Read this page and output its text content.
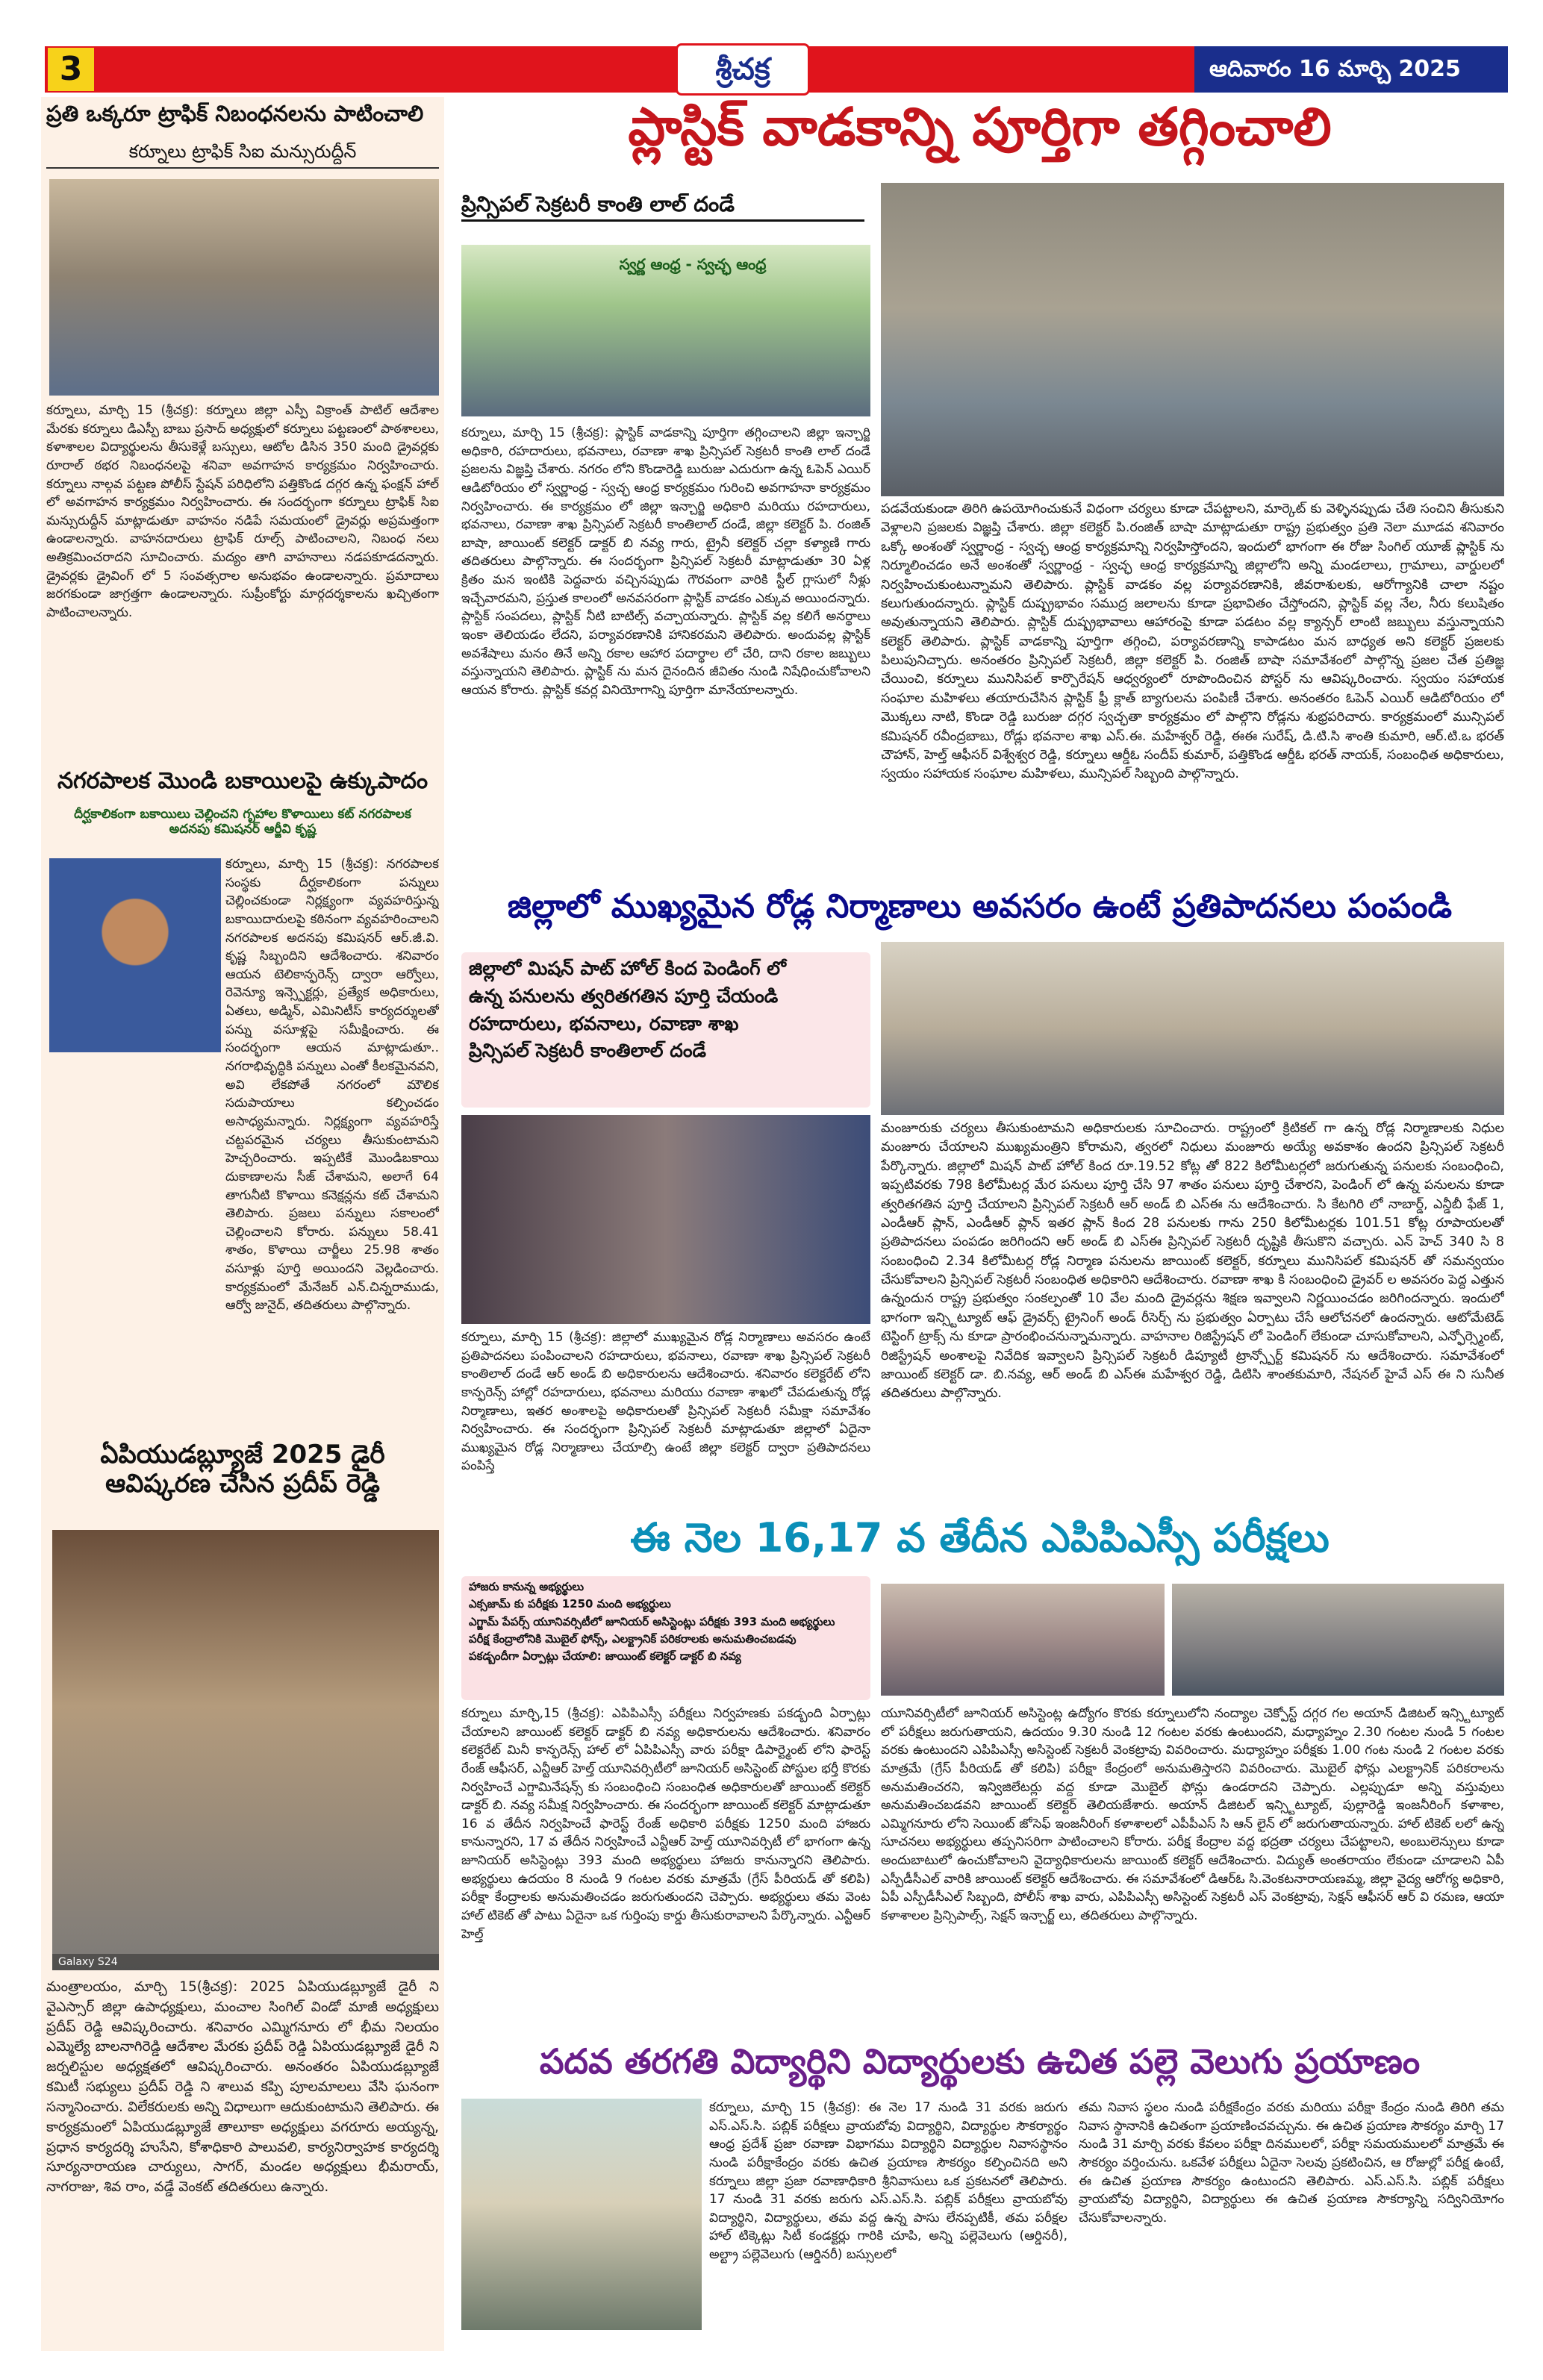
3	శ్రీచక్ర	ఆదివారం 16 మార్చి 2025
ప్రతి ఒక్కరూ ట్రాఫిక్ నిబంధనలను పాటించాలి
కర్నూలు ట్రాఫిక్ సిఐ మన్సురుద్దీన్
కర్నూలు, మార్చి 15 (శ్రీచక్ర): కర్నూలు జిల్లా ఎస్పీ విక్రాంత్ పాటిల్ ఆదేశాల మేరకు కర్నూలు డిఎస్పీ బాబు ప్రసాద్ అధ్యక్షులో కర్నూలు పట్టణంలో పాఠశాలలు, కళాశాలల విద్యార్థులను తీసుకెళ్లే బస్సులు, ఆటోల డిసిన 350 మంది డ్రైవర్లకు రూరాల్ ఠభర నిబంధనలపై శనివా అవగాహన కార్యక్రమం నిర్వహించారు. కర్నూలు నాల్గవ పట్టణ పోలీస్ స్టేషన్ పరిధిలోని పత్తికొండ దగ్గర ఉన్న ఫంక్షన్ హాల్ లో అవగాహన కార్యక్రమం నిర్వహించారు. ఈ సందర్భంగా కర్నూలు ట్రాఫిక్ సిఐ మన్సురుద్దీన్ మాట్లాడుతూ వాహనం నడిపే సమయంలో డ్రైవర్లు అప్రమత్తంగా ఉండాలన్నారు. వాహనదారులు ట్రాఫిక్ రూల్స్ పాటించాలని, నిబంధ నలు అతిక్రమించరాదని సూచించారు. మద్యం తాగి వాహనాలు నడపకూడదన్నారు. డ్రైవర్లకు డ్రైవింగ్ లో 5 సంవత్సరాల అనుభవం ఉండాలన్నారు. ప్రమాదాలు జరగకుండా జాగ్రత్తగా ఉండాలన్నారు. సుప్రీంకోర్టు మార్గదర్శకాలను ఖచ్చితంగా పాటించాలన్నారు.
నగరపాలక మొండి బకాయిలపై ఉక్కుపాదం
దీర్ఘకాలికంగా బకాయిలు చెల్లించని గృహాల కొళాయిలు కట్ నగరపాలక అదనపు కమిషనర్ ఆర్జీవి కృష్ణ
కర్నూలు, మార్చి 15 (శ్రీచక్ర): నగరపాలక సంస్థకు దీర్ఘకాలికంగా పన్నులు చెల్లించకుండా నిర్లక్ష్యంగా వ్యవహరిస్తున్న బకాయిదారులపై కఠినంగా వ్యవహరించాలని నగరపాలక అదనపు కమిషనర్ ఆర్.జీ.వి. కృష్ణ సిబ్బందిని ఆదేశించారు. శనివారం ఆయన టెలికాన్ఫరెన్స్ ద్వారా ఆర్వోలు, రెవెన్యూ ఇన్స్పెక్టర్లు, ప్రత్యేక అధికారులు, ఏతలు, అడ్మిన్, ఎమినిటీస్ కార్యదర్శులతో పన్ను వసూళ్లపై సమీక్షించారు. ఈ సందర్భంగా ఆయన మాట్లాడుతూ.. నగరాభివృద్ధికి పన్నులు ఎంతో కీలకమైనవని, అవి లేకపోతే నగరంలో మౌలిక సదుపాయాలు కల్పించడం అసాధ్యమన్నారు. నిర్లక్ష్యంగా వ్యవహరిస్తే చట్టపరమైన చర్యలు తీసుకుంటామని హెచ్చరించారు. ఇప్పటికే మొండిబకాయి దుకాణాలను సీజ్ చేశామని, అలాగే 64 తాగునీటి కొళాయి కనెక్షన్లను కట్ చేశామని తెలిపారు. ప్రజలు పన్నులు సకాలంలో చెల్లించాలని కోరారు. పన్నులు 58.41 శాతం, కొళాయి చార్జీలు 25.98 శాతం వసూళ్లు పూర్తి అయిందని వెల్లడించారు. కార్యక్రమంలో మేనేజర్ ఎన్.చిన్నరాముడు, ఆర్వో జునైద్, తదితరులు పాల్గొన్నారు.
ఏపియుడబ్ల్యూజే 2025 డైరీ ఆవిష్కరణ చేసిన ప్రదీప్ రెడ్డి
Galaxy S24
మంత్రాలయం, మార్చి 15(శ్రీచక్ర): 2025 ఏపియుడబ్ల్యూజే డైరీ ని వైఎస్సార్ జిల్లా ఉపాధ్యక్షులు, మంచాల సింగిల్ విండో మాజీ అధ్యక్షులు ప్రదీప్ రెడ్డి ఆవిష్కరించారు. శనివారం ఎమ్మిగనూరు లో భీమ నిలయం ఎమ్మెల్యే బాలనాగిరెడ్డి ఆదేశాల మేరకు ప్రదీప్ రెడ్డి ఏపియుడబ్ల్యూజే డైరీ ని జర్నలిస్టుల అధ్యక్షతలో ఆవిష్కరించారు. అనంతరం ఏపియుడబ్ల్యూజే కమిటీ సభ్యులు ప్రదీప్ రెడ్డి ని శాలువ కప్పి పూలమాలలు వేసి ఘనంగా సన్మానించారు. విలేకరులకు అన్ని విధాలుగా ఆదుకుంటామని తెలిపారు. ఈ కార్యక్రమంలో ఏపియుడబ్ల్యూజే తాలూకా అధ్యక్షులు వగరూరు అయ్యన్న, ప్రధాన కార్యదర్శి హుసేని, కోశాధికారి పాలువలి, కార్యనిర్వాహక కార్యదర్శి సూర్యనారాయణ చార్యులు, సాగర్, మండల అధ్యక్షులు భీమరాయ్, నాగరాజు, శివ రాం, వడ్డే వెంకట్ తదితరులు ఉన్నారు.
ప్లాస్టిక్ వాడకాన్ని పూర్తిగా తగ్గించాలి
ప్రిన్సిపల్ సెక్రటరీ కాంతి లాల్ దండే
స్వర్ణ ఆంధ్ర - స్వచ్ఛ ఆంధ్ర
కర్నూలు, మార్చి 15 (శ్రీచక్ర): ప్లాస్టిక్ వాడకాన్ని పూర్తిగా తగ్గించాలని జిల్లా ఇన్చార్జి అధికారి, రహదారులు, భవనాలు, రవాణా శాఖ ప్రిన్సిపల్ సెక్రటరీ కాంతి లాల్ దండే ప్రజలను విజ్ఞప్తి చేశారు. నగరం లోని కొండారెడ్డి బురుజు ఎదురుగా ఉన్న ఓపెన్ ఎయిర్ ఆడిటోరియం లో స్వర్ణాంధ్ర - స్వచ్ఛ ఆంధ్ర కార్యక్రమం గురించి అవగాహనా కార్యక్రమం నిర్వహించారు. ఈ కార్యక్రమం లో జిల్లా ఇన్చార్జి అధికారి మరియు రహదారులు, భవనాలు, రవాణా శాఖ ప్రిన్సిపల్ సెక్రటరీ కాంతిలాల్ దండే, జిల్లా కలెక్టర్ పి. రంజిత్ బాషా, జాయింట్ కలెక్టర్ డాక్టర్ బి నవ్య గారు, ట్రైనీ కలెక్టర్ చల్లా కళ్యాణి గారు తదితరులు పాల్గొన్నారు. ఈ సందర్భంగా ప్రిన్సిపల్ సెక్రటరీ మాట్లాడుతూ 30 ఏళ్ల క్రితం మన ఇంటికి పెద్దవారు వచ్చినప్పుడు గౌరవంగా వారికి స్టీల్ గ్లాసులో నీళ్లు ఇచ్చేవారమని, ప్రస్తుత కాలంలో అనవసరంగా ప్లాస్టిక్ వాడకం ఎక్కువ అయిందన్నారు. ప్లాస్టిక్ సంపదలు, ప్లాస్టిక్ నీటి బాటిల్స్ వచ్చాయన్నారు. ప్లాస్టిక్ వల్ల కలిగే అనర్థాలు ఇంకా తెలియడం లేదని, పర్యావరణానికి హానికరమని తెలిపారు. అందువల్ల ప్లాస్టిక్ అవశేషాలు మనం తినే అన్ని రకాల ఆహార పదార్థాల లో చేరి, దాని రకాల జబ్బులు వస్తున్నాయని తెలిపారు. ప్లాస్టిక్ ను మన దైనందిన జీవితం నుండి నిషేధించుకోవాలని ఆయన కోరారు. ప్లాస్టిక్ కవర్ల వినియోగాన్ని పూర్తిగా మానేయాలన్నారు.
పడవేయకుండా తిరిగి ఉపయోగించుకునే విధంగా చర్యలు కూడా చేపట్టాలని, మార్కెట్ కు వెళ్ళినప్పుడు చేతి సంచిని తీసుకుని వెళ్లాలని ప్రజలకు విజ్ఞప్తి చేశారు. జిల్లా కలెక్టర్ పి.రంజిత్ బాషా మాట్లాడుతూ రాష్ట్ర ప్రభుత్వం ప్రతి నెలా మూడవ శనివారం ఒక్కో అంశంతో స్వర్ణాంధ్ర - స్వచ్ఛ ఆంధ్ర కార్యక్రమాన్ని నిర్వహిస్తోందని, ఇందులో భాగంగా ఈ రోజు సింగిల్ యూజ్ ప్లాస్టిక్ ను నిర్మూలించడం అనే అంశంతో స్వర్ణాంధ్ర - స్వచ్ఛ ఆంధ్ర కార్యక్రమాన్ని జిల్లాలోని అన్ని మండలాలు, గ్రామాలు, వార్డులలో నిర్వహించుకుంటున్నామని తెలిపారు. ప్లాస్టిక్ వాడకం వల్ల పర్యావరణానికి, జీవరాశులకు, ఆరోగ్యానికి చాలా నష్టం కలుగుతుందన్నారు. ప్లాస్టిక్ దుష్ప్రభావం సముద్ర జలాలను కూడా ప్రభావితం చేస్తోందని, ప్లాస్టిక్ వల్ల నేల, నీరు కలుషితం అవుతున్నాయని తెలిపారు. ప్లాస్టిక్ దుష్ప్రభావాలు ఆహారంపై కూడా పడటం వల్ల క్యాన్సర్ లాంటి జబ్బులు వస్తున్నాయని కలెక్టర్ తెలిపారు. ప్లాస్టిక్ వాడకాన్ని పూర్తిగా తగ్గించి, పర్యావరణాన్ని కాపాడటం మన బాధ్యత అని కలెక్టర్ ప్రజలకు పిలుపునిచ్చారు. అనంతరం ప్రిన్సిపల్ సెక్రటరీ, జిల్లా కలెక్టర్ పి. రంజిత్ బాషా సమావేశంలో పాల్గొన్న ప్రజల చేత ప్రతిజ్ఞ చేయించి, కర్నూలు మునిసిపల్ కార్పొరేషన్ ఆధ్వర్యంలో రూపొందించిన పోస్టర్ ను ఆవిష్కరించారు. స్వయం సహాయక సంఘాల మహిళలు తయారుచేసిన ప్లాస్టిక్ ఫ్రీ క్లాత్ బ్యాగులను పంపిణీ చేశారు. అనంతరం ఓపెన్ ఎయిర్ ఆడిటోరియం లో మొక్కలు నాటి, కొండా రెడ్డి బురుజు దగ్గర స్వచ్ఛతా కార్యక్రమం లో పాల్గొని రోడ్లను శుభ్రపరిచారు. కార్యక్రమంలో మున్సిపల్ కమిషనర్ రవీంద్రబాబు, రోడ్లు భవనాల శాఖ ఎస్.ఈ. మహేశ్వర్ రెడ్డి, ఈఈ సురేష్, డి.టి.సి శాంతి కుమారి, ఆర్.టి.ఒ భరత్ చౌహాన్, హెల్త్ ఆఫీసర్ విశ్వేశ్వర రెడ్డి, కర్నూలు ఆర్డీఓ సందీప్ కుమార్, పత్తికొండ ఆర్డీఓ భరత్ నాయక్, సంబంధిత అధికారులు, స్వయం సహాయక సంఘాల మహిళలు, మున్సిపల్ సిబ్బంది పాల్గొన్నారు.
జిల్లాలో ముఖ్యమైన రోడ్ల నిర్మాణాలు అవసరం ఉంటే ప్రతిపాదనలు పంపండి
జిల్లాలో మిషన్ పాట్ హోల్ కింద పెండింగ్ లో
ఉన్న పనులను త్వరితగతిన పూర్తి చేయండి
రహదారులు, భవనాలు, రవాణా శాఖ
ప్రిన్సిపల్ సెక్రటరీ కాంతిలాల్ దండే
కర్నూలు, మార్చి 15 (శ్రీచక్ర): జిల్లాలో ముఖ్యమైన రోడ్ల నిర్మాణాలు అవసరం ఉంటే ప్రతిపాదనలు పంపించాలని రహదారులు, భవనాలు, రవాణా శాఖ ప్రిన్సిపల్ సెక్రటరీ కాంతిలాల్ దండే ఆర్ అండ్ బి అధికారులను ఆదేశించారు. శనివారం కలెక్టరేట్ లోని కాన్ఫరెన్స్ హాల్లో రహదారులు, భవనాలు మరియు రవాణా శాఖలో చేపడుతున్న రోడ్ల నిర్మాణాలు, ఇతర అంశాలపై అధికారులతో ప్రిన్సిపల్ సెక్రటరీ సమీక్షా సమావేశం నిర్వహించారు. ఈ సందర్భంగా ప్రిన్సిపల్ సెక్రటరీ మాట్లాడుతూ జిల్లాలో ఏదైనా ముఖ్యమైన రోడ్ల నిర్మాణాలు చేయాల్సి ఉంటే జిల్లా కలెక్టర్ ద్వారా ప్రతిపాదనలు పంపిస్తే
మంజూరుకు చర్యలు తీసుకుంటామని అధికారులకు సూచించారు. రాష్ట్రంలో క్రిటికల్ గా ఉన్న రోడ్ల నిర్మాణాలకు నిధుల మంజూరు చేయాలని ముఖ్యమంత్రిని కోరామని, త్వరలో నిధులు మంజూరు అయ్యే అవకాశం ఉందని ప్రిన్సిపల్ సెక్రటరీ పేర్కొన్నారు. జిల్లాలో మిషన్ పాట్ హోల్ కింద రూ.19.52 కోట్ల తో 822 కిలోమీటర్లలో జరుగుతున్న పనులకు సంబంధించి, ఇప్పటివరకు 798 కిలోమీటర్ల మేర పనులు పూర్తి చేసి 97 శాతం పనులు పూర్తి చేశారని, పెండింగ్ లో ఉన్న పనులను కూడా త్వరితగతిన పూర్తి చేయాలని ప్రిన్సిపల్ సెక్రటరీ ఆర్ అండ్ బి ఎస్ఈ ను ఆదేశించారు. సి కేటగిరి లో నాబార్డ్, ఎన్డీబీ ఫేజ్ 1, ఎండీఆర్ ప్లాన్, ఎండీఆర్ ప్లాన్ ఇతర ప్లాన్ కింద 28 పనులకు గాను 250 కిలోమీటర్లకు 101.51 కోట్ల రూపాయలతో ప్రతిపాదనలు పంపడం జరిగిందని ఆర్ అండ్ బి ఎస్ఈ ప్రిన్సిపల్ సెక్రటరీ దృష్టికి తీసుకొని వచ్చారు. ఎన్ హెచ్ 340 సి 8 సంబంధించి 2.34 కిలోమీటర్ల రోడ్ల నిర్మాణ పనులను జాయింట్ కలెక్టర్, కర్నూలు మునిసిపల్ కమిషనర్ తో సమన్వయం చేసుకోవాలని ప్రిన్సిపల్ సెక్రటరీ సంబంధిత అధికారిని ఆదేశించారు. రవాణా శాఖ కి సంబంధించి డ్రైవర్ ల అవసరం పెద్ద ఎత్తున ఉన్నందున రాష్ట్ర ప్రభుత్వం సంకల్పంతో 10 వేల మంది డ్రైవర్లను శిక్షణ ఇవ్వాలని నిర్ణయించడం జరిగిందన్నారు. ఇందులో భాగంగా ఇన్స్టిట్యూట్ ఆఫ్ డ్రైవర్స్ ట్రైనింగ్ అండ్ రీసెర్చ్ ను ప్రభుత్వం ఏర్పాటు చేసే ఆలోచనలో ఉందన్నారు. ఆటోమేటెడ్ టెస్టింగ్ ట్రాక్స్ ను కూడా ప్రారంభించనున్నామన్నారు. వాహనాల రిజిస్ట్రేషన్ లో పెండింగ్ లేకుండా చూసుకోవాలని, ఎన్ఫోర్స్మెంట్, రిజిస్ట్రేషన్ అంశాలపై నివేదిక ఇవ్వాలని ప్రిన్సిపల్ సెక్రటరీ డిప్యూటీ ట్రాన్స్పోర్ట్ కమిషనర్ ను ఆదేశించారు. సమావేశంలో జాయింట్ కలెక్టర్ డా. బి.నవ్య, ఆర్ అండ్ బి ఎస్ఈ మహేశ్వర రెడ్డి, డిటిసి శాంతకుమారి, నేషనల్ హైవే ఎస్ ఈ ని సునీత తదితరులు పాల్గొన్నారు.
ఈ నెల 16,17 వ తేదీన ఎపిపిఎస్సీ పరీక్షలు
హాజరు కానున్న అభ్యర్థులు
ఎక్సజామ్ కు పరీక్షకు 1250 మంది అభ్యర్థులు
ఎగ్జామ్ పేపర్స్ యూనివర్సిటీలో జూనియర్ అసిస్టెంట్లు పరీక్షకు 393 మంది అభ్యర్థులు
పరీక్ష కేంద్రాలోనికి మొబైల్ ఫోన్స్, ఎలక్ట్రానిక్ పరికరాలకు అనుమతించబడవు
పకడ్బందీగా ఏర్పాట్లు చేయాలి: జాయింట్ కలెక్టర్ డాక్టర్ బి నవ్య
కర్నూలు మార్చి,15 (శ్రీచక్ర): ఎపిపిఎస్సీ పరీక్షలు నిర్వహణకు పకడ్బంది ఏర్పాట్లు చేయాలని జాయింట్ కలెక్టర్ డాక్టర్ బి నవ్య అధికారులను ఆదేశించారు. శనివారం కలెక్టరేట్ మినీ కాన్ఫరెన్స్ హాల్ లో ఏపిపిఎస్సీ వారు పరీక్షా డిపార్ట్మెంట్ లోని ఫారెస్ట్ రేంజ్ ఆఫీసర్, ఎన్టీఆర్ హెల్త్ యూనివర్సిటీలో జూనియర్ అసిస్టెంట్ పోస్టుల భర్తీ కొరకు నిర్వహించే ఎగ్జామినేషన్స్ కు సంబంధించి సంబంధిత అధికారులతో జాయింట్ కలెక్టర్ డాక్టర్ బి. నవ్య సమీక్ష నిర్వహించారు. ఈ సందర్భంగా జాయింట్ కలెక్టర్ మాట్లాడుతూ 16 వ తేదీన నిర్వహించే ఫారెస్ట్ రేంజ్ అధికారి పరీక్షకు 1250 మంది హాజరు కానున్నారని, 17 వ తేదీన నిర్వహించే ఎన్టీఆర్ హెల్త్ యూనివర్సిటీ లో భాగంగా ఉన్న జూనియర్ అసిస్టెంట్లు 393 మంది అభ్యర్థులు హాజరు కానున్నారని తెలిపారు. అభ్యర్థులు ఉదయం 8 నుండి 9 గంటల వరకు మాత్రమే (గ్రేస్ పీరియడ్ తో కలిపి) పరీక్షా కేంద్రాలకు అనుమతించడం జరుగుతుందని చెప్పారు. అభ్యర్థులు తమ వెంట హాల్ టికెట్ తో పాటు ఏదైనా ఒక గుర్తింపు కార్డు తీసుకురావాలని పేర్కొన్నారు. ఎన్టీఆర్ హెల్త్
యూనివర్సిటీలో జూనియర్ అసిస్టెంట్ల ఉద్యోగం కొరకు కర్నూలులోని నంద్యాల చెక్పోస్ట్ దగ్గర గల అయాన్ డిజిటల్ ఇన్స్టిట్యూట్ లో పరీక్షలు జరుగుతాయని, ఉదయం 9.30 నుండి 12 గంటల వరకు ఉంటుందని, మధ్యాహ్నం 2.30 గంటల నుండి 5 గంటల వరకు ఉంటుందని ఎపిపిఎస్సీ అసిస్టెంట్ సెక్రటరీ వెంకట్రావు వివరించారు. మధ్యాహ్నం పరీక్షకు 1.00 గంట నుండి 2 గంటల వరకు మాత్రమే (గ్రేస్ పీరియడ్ తో కలిపి) పరీక్షా కేంద్రంలో అనుమతిస్తారని వివరించారు. మొబైల్ ఫోన్లు ఎలక్ట్రానిక్ పరికరాలను అనుమతించరని, ఇన్విజిలేటర్లు వద్ద కూడా మొబైల్ ఫోన్లు ఉండరాదని చెప్పారు. ఎల్లప్పుడూ అన్ని వస్తువులు అనుమతించబడవని జాయింట్ కలెక్టర్ తెలియజేశారు. అయాన్ డిజిటల్ ఇన్స్టిట్యూట్, పుల్లారెడ్డి ఇంజనీరింగ్ కళాశాల, ఎమ్మిగనూరు లోని సెయింట్ జోసెఫ్ ఇంజనీరింగ్ కళాశాలలో ఎపీపీఎస్ సి ఆన్ లైన్ లో జరుగుతాయన్నారు. హాల్ టికెట్ లలో ఉన్న సూచనలు అభ్యర్థులు తప్పనిసరిగా పాటించాలని కోరారు. పరీక్ష కేంద్రాల వద్ద భద్రతా చర్యలు చేపట్టాలని, అంబులెన్సులు కూడా అందుబాటులో ఉంచుకోవాలని వైద్యాధికారులను జాయింట్ కలెక్టర్ ఆదేశించారు. విద్యుత్ అంతరాయం లేకుండా చూడాలని ఏపీ ఎస్పీడీసీఎల్ వారికి జాయింట్ కలెక్టర్ ఆదేశించారు. ఈ సమావేశంలో డిఆర్ఓ సి.వెంకటనారాయణమ్మ, జిల్లా వైద్య ఆరోగ్య అధికారి, ఏపీ ఎస్పీడీసీఎల్ సిబ్బంది, పోలీస్ శాఖ వారు, ఎపిపిఎస్సీ అసిస్టెంట్ సెక్రటరీ ఎస్ వెంకట్రావు, సెక్షన్ ఆఫీసర్ ఆర్ వి రమణ, ఆయా కళాశాలల ప్రిన్సిపాల్స్, సెక్షన్ ఇన్చార్జ్ లు, తదితరులు పాల్గొన్నారు.
పదవ తరగతి విద్యార్థిని విద్యార్థులకు ఉచిత పల్లె వెలుగు ప్రయాణం
కర్నూలు, మార్చి 15 (శ్రీచక్ర): ఈ నెల 17 నుండి 31 వరకు జరుగు ఎస్.ఎస్.సి. పబ్లిక్ పరీక్షలు వ్రాయబోవు విద్యార్థిని, విద్యార్థుల సౌకర్యార్థం ఆంధ్ర ప్రదేశ్ ప్రజా రవాణా విభాగము విద్యార్థిని విద్యార్థుల నివాసస్థానం నుండి పరీక్షాకేంద్రం వరకు ఉచిత ప్రయాణ సౌకర్యం కల్పించినది అని కర్నూలు జిల్లా ప్రజా రవాణాధికారి శ్రీనివాసులు ఒక ప్రకటనలో తెలిపారు. 17 నుండి 31 వరకు జరుగు ఎస్.ఎస్.సి. పబ్లిక్ పరీక్షలు వ్రాయబోవు విద్యార్థిని, విద్యార్థులు, తమ వద్ద ఉన్న పాసు లేనప్పటికీ, తమ పరీక్షల హాల్ టిక్కెట్లు సిటీ కండక్టర్లు గారికి చూపి, అన్ని పల్లెవెలుగు (ఆర్డినరీ), అల్ట్రా పల్లెవెలుగు (ఆర్డినరీ) బస్సులలో
తమ నివాస స్థలం నుండి పరీక్షకేంద్రం వరకు మరియు పరీక్షా కేంద్రం నుండి తిరిగి తమ నివాస స్థానానికి ఉచితంగా ప్రయాణించవచ్చును. ఈ ఉచిత ప్రయాణ సౌకర్యం మార్చి 17 నుండి 31 మార్చి వరకు కేవలం పరీక్షా దినములలో, పరీక్షా సమయములలో మాత్రమే ఈ సౌకర్యం వర్తించును. ఒకవేళ పరీక్షలు ఏదైనా సెలవు ప్రకటించిన, ఆ రోజుల్లో పరీక్ష ఉంటే, ఈ ఉచిత ప్రయాణ సౌకర్యం ఉంటుందని తెలిపారు. ఎస్.ఎస్.సి. పబ్లిక్ పరీక్షలు వ్రాయబోవు విద్యార్థిని, విద్యార్థులు ఈ ఉచిత ప్రయాణ సౌకర్యాన్ని సద్వినియోగం చేసుకోవాలన్నారు.
